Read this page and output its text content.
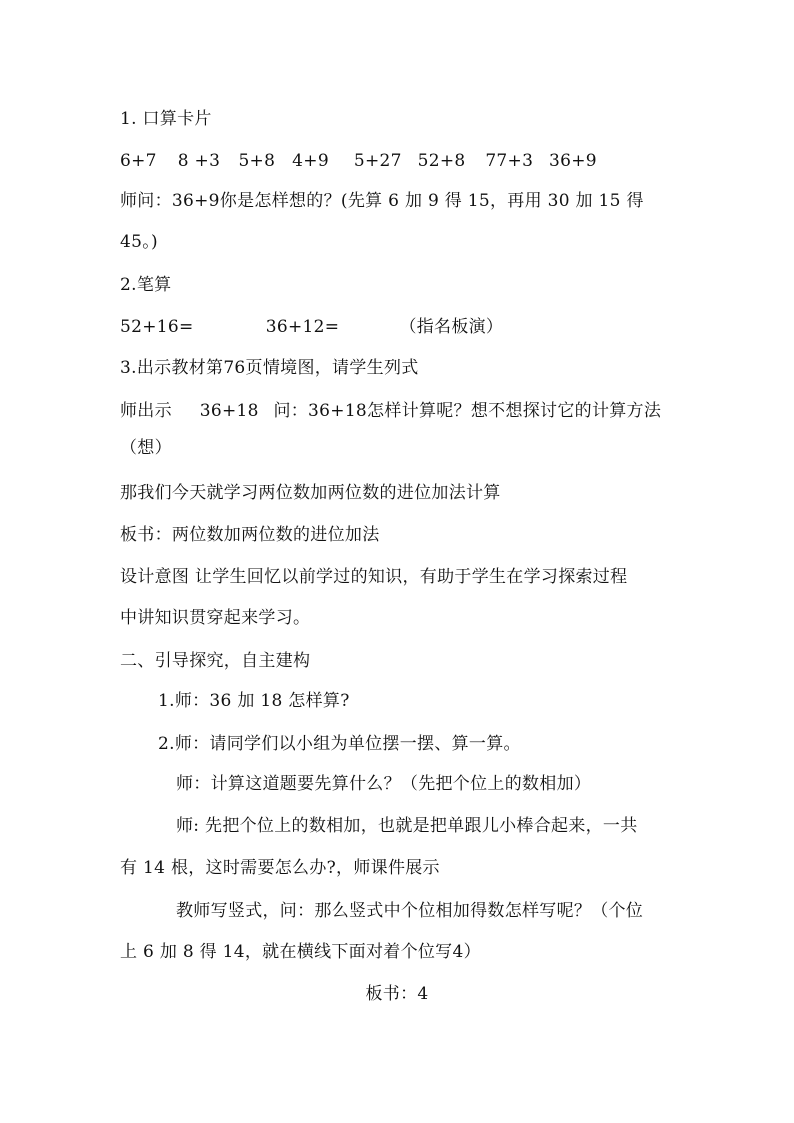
1. 口算卡片
6+7 8 +3 5+8 4+9 5+27 52+8 77+3 36+9
师问：36+9你是怎样想的？(先算 6 加 9 得 15，再用 30 加 15 得
45。)
2.笔算
52+16=	36+12=	（指名板演）
3.出示教材第76页情境图，请学生列式
师出示 36+18 问：36+18怎样计算呢？想不想探讨它的计算方法
（想）
那我们今天就学习两位数加两位数的进位加法计算
板书：两位数加两位数的进位加法
设计意图 让学生回忆以前学过的知识，有助于学生在学习探索过程
中讲知识贯穿起来学习。
二、引导探究，自主建构
1.师：36 加 18 怎样算?
2.师：请同学们以小组为单位摆一摆、算一算。
师：计算这道题要先算什么？（先把个位上的数相加）
师: 先把个位上的数相加，也就是把单跟儿小棒合起来，一共
有 14 根，这时需要怎么办?，师课件展示
教师写竖式，问：那么竖式中个位相加得数怎样写呢？（个位
上 6 加 8 得 14，就在横线下面对着个位写4）
板书：4
